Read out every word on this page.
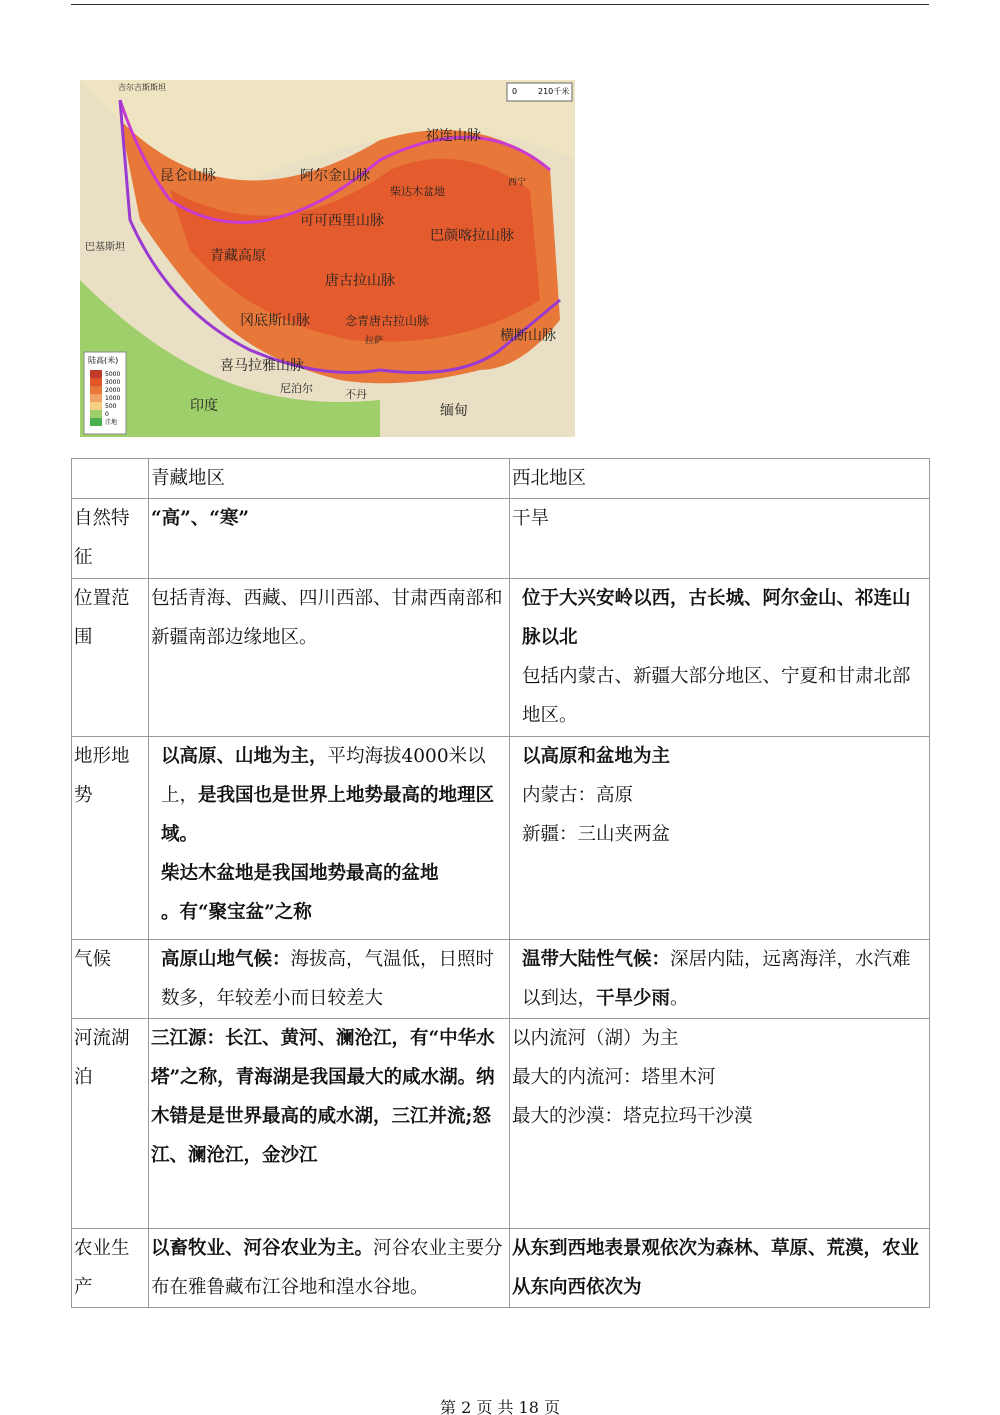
0	210千米
昆仑山脉	阿尔金山脉
祁连山脉
柴达木盆地
可可西里山脉
巴颜喀拉山脉
青藏高原
唐古拉山脉
冈底斯山脉	念青唐古拉山脉
喜马拉雅山脉
横断山脉
印度	缅甸
不丹
尼泊尔
西宁
拉萨
吉尔吉斯斯坦
巴基斯坦
陆高(米)
5000
3000
2000
1000
500
0
洼地
	青藏地区	西北地区
自然特征	“高”、“寒”	干旱
位置范围	包括青海、西藏、四川西部、甘肃西南部和新疆南部边缘地区。	位于大兴安岭以西，古长城、阿尔金山、祁连山脉以北
包括内蒙古、新疆大部分地区、宁夏和甘肃北部地区。
地形地势	以高原、山地为主，平均海拔4000米以上，是我国也是世界上地势最高的地理区域。
柴达木盆地是我国地势最高的盆地
。有“聚宝盆”之称	以高原和盆地为主
内蒙古：高原
新疆：三山夹两盆
气候	高原山地气候：海拔高，气温低，日照时数多，年较差小而日较差大	温带大陆性气候：深居内陆，远离海洋，水汽难以到达，干旱少雨。
河流湖泊	三江源：长江、黄河、澜沧江，有“中华水塔”之称，青海湖是我国最大的咸水湖。纳木错是是世界最高的咸水湖，三江并流;怒江、澜沧江，金沙江	以内流河（湖）为主
最大的内流河：塔里木河
最大的沙漠：塔克拉玛干沙漠
农业生产	以畜牧业、河谷农业为主。河谷农业主要分布在雅鲁藏布江谷地和湟水谷地。	从东到西地表景观依次为森林、草原、荒漠，农业从东向西依次为
第 2 页 共 18 页
